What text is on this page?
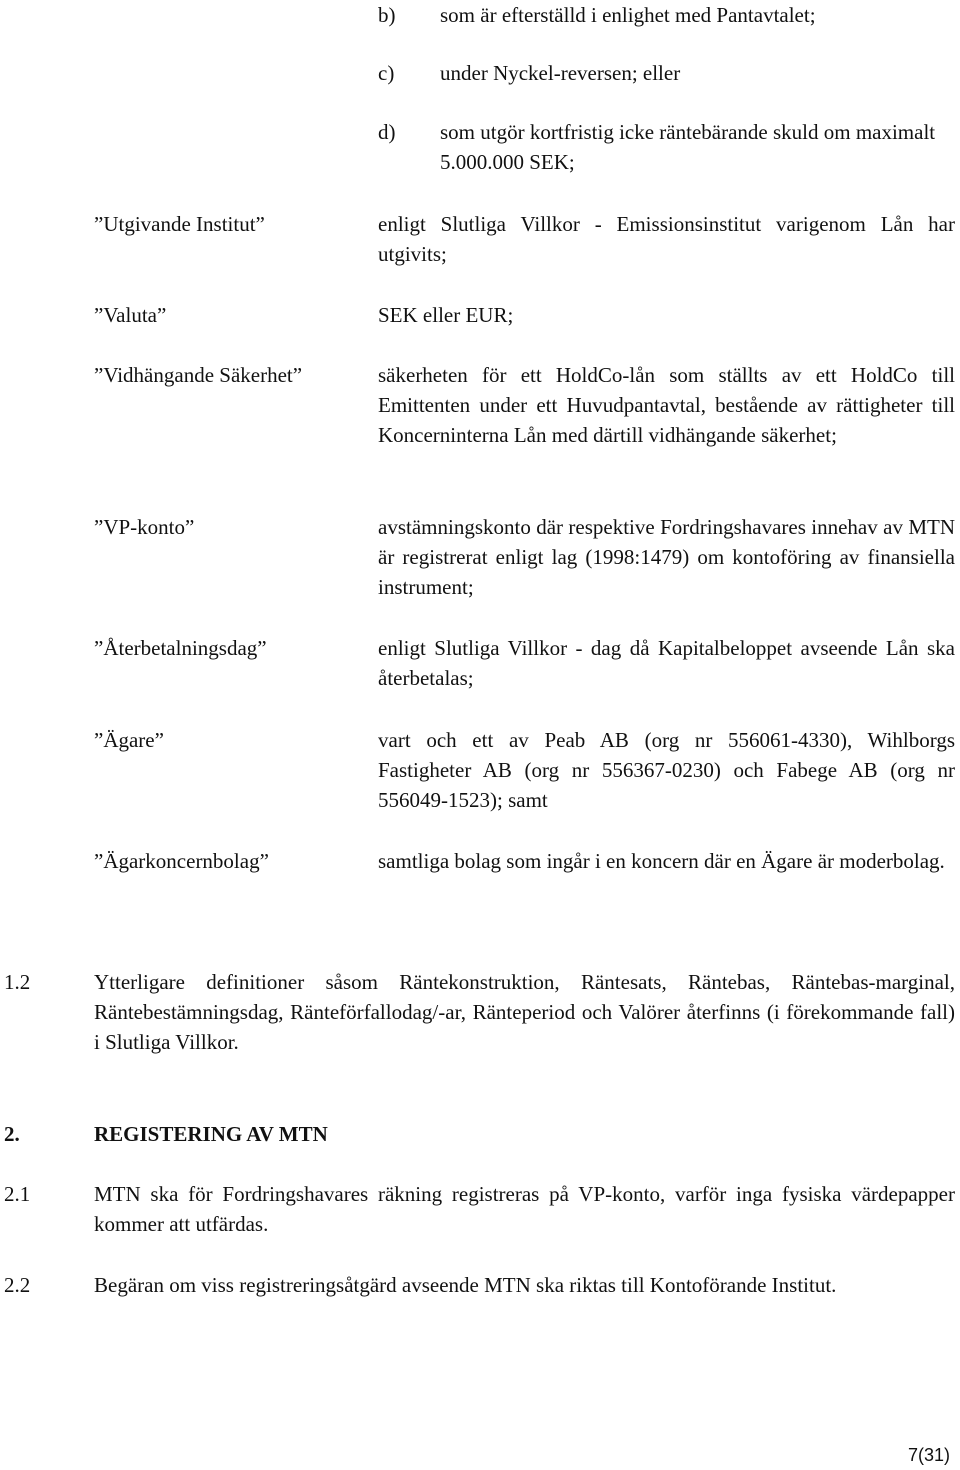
b) som är efterställd i enlighet med Pantavtalet;
c) under Nyckel-reversen; eller
d) som utgör kortfristig icke räntebärande skuld om maximalt 5.000.000 SEK;
”Utgivande Institut”	enligt Slutliga Villkor - Emissionsinstitut varigenom Lån har utgivits;
”Valuta”	SEK eller EUR;
”Vidhängande Säkerhet”	säkerheten för ett HoldCo-lån som ställts av ett HoldCo till Emittenten under ett Huvudpantavtal, bestående av rättigheter till Koncerninterna Lån med därtill vidhängande säkerhet;
”VP-konto”	avstämningskonto där respektive Fordringshavares innehav av MTN är registrerat enligt lag (1998:1479) om kontoföring av finansiella instrument;
”Återbetalningsdag”	enligt Slutliga Villkor - dag då Kapitalbeloppet avseende Lån ska återbetalas;
”Ägare”	vart och ett av Peab AB (org nr 556061-4330), Wihlborgs Fastigheter AB (org nr 556367-0230) och Fabege AB (org nr 556049-1523); samt
”Ägarkoncernbolag”	samtliga bolag som ingår i en koncern där en Ägare är moderbolag.
1.2	Ytterligare definitioner såsom Räntekonstruktion, Räntesats, Räntebas, Räntebas-marginal, Räntebestämningsdag, Ränteförfallodag/-ar, Ränteperiod och Valörer återfinns (i förekommande fall) i Slutliga Villkor.
2.	REGISTERING AV MTN
2.1	MTN ska för Fordringshavares räkning registreras på VP-konto, varför inga fysiska värdepapper kommer att utfärdas.
2.2	Begäran om viss registreringsåtgärd avseende MTN ska riktas till Kontoförande Institut.
7(31)
